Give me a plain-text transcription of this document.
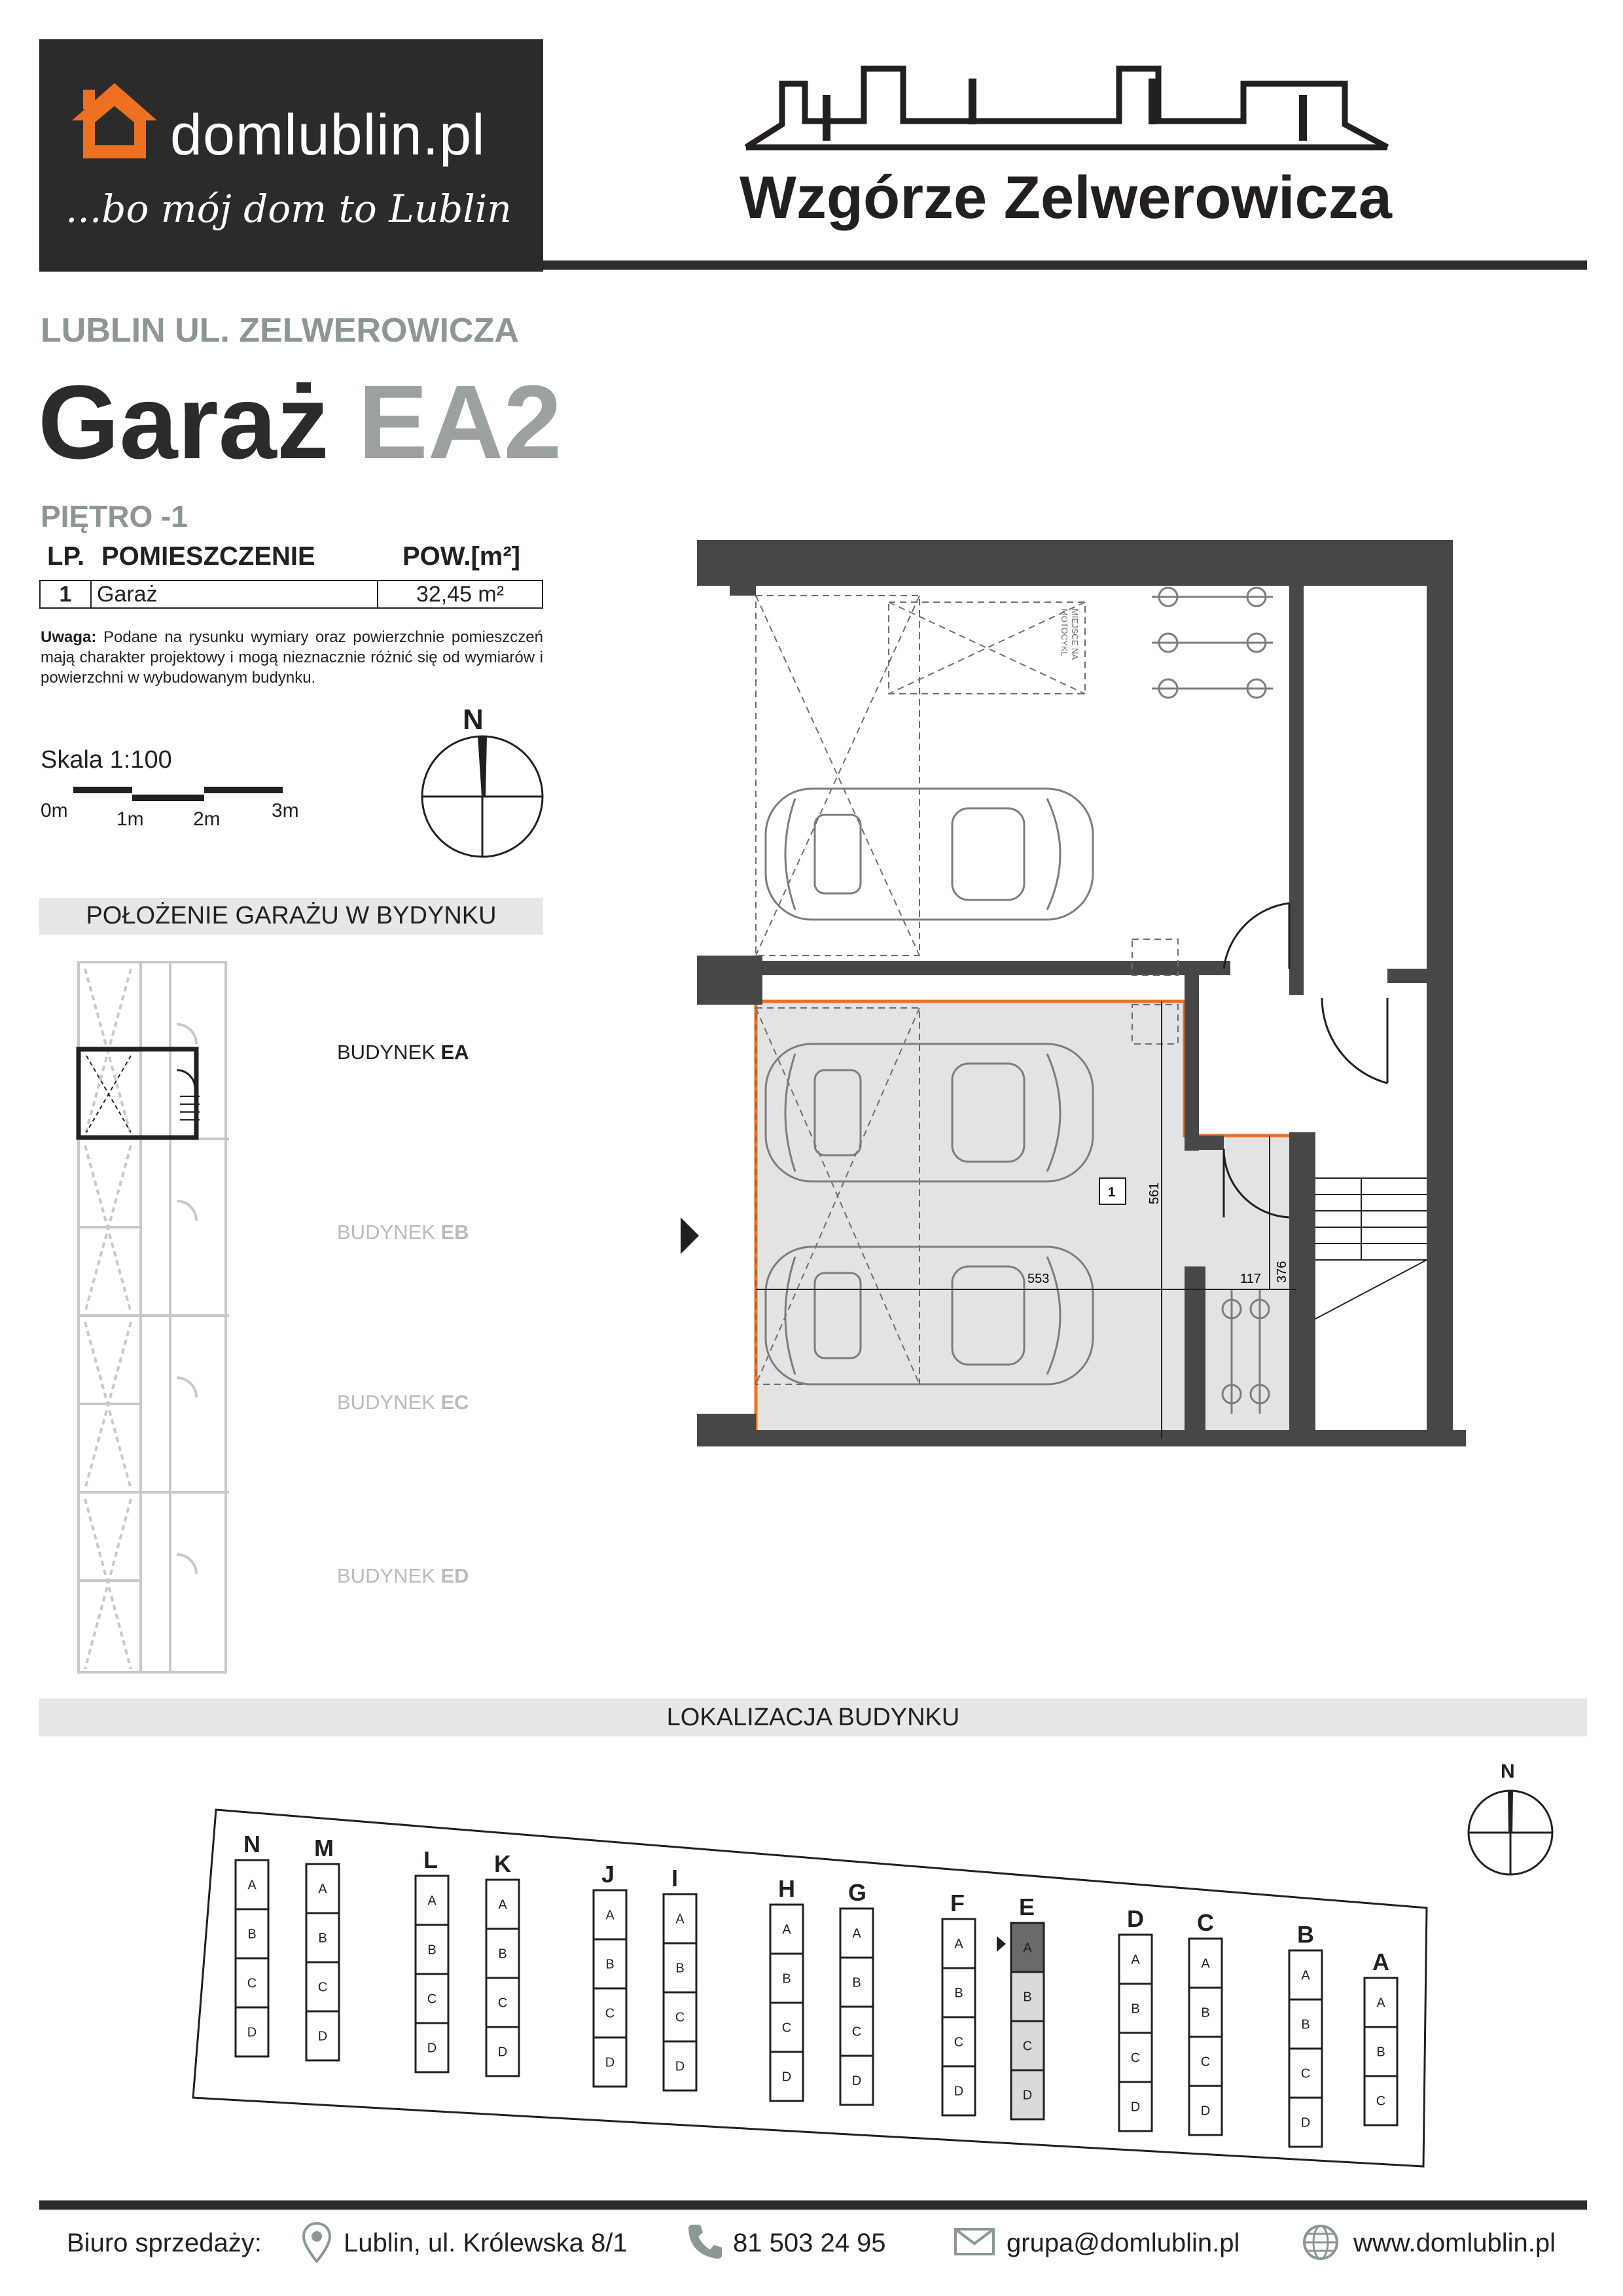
domlublin.pl
...bo mój dom to Lublin	Wzgórze Zelwerowicza
LUBLIN UL. ZELWEROWICZA
Garaż EA2
PIĘTRO -1
LP. POMIESZCZENIE	POW.[m²]
1	Garaż	32,45 m²
Uwaga: Podane na rysunku wymiary oraz powierzchnie pomieszczeń mają charakter projektowy i mogą nieznacznie różnić się od wymiarów i powierzchni w wybudowanym budynku.
Skala 1:100
0m 1m	2m	3m
N
POŁOŻENIE GARAŻU W BYDYNKU
BUDYNEK EA
BUDYNEK EB
BUDYNEK EC
BUDYNEK ED
MIEJSCE NA
MOTOCYKL
553
561
117 376
1
LOKALIZACJA BUDYNKU
N
N
A
B
C
D
M
A
B
C
D
L
A
B
C
D
K
A
B
C
D
J
A
B
C
D
I
A
B
C
D
H
A
B
C
D
G
A
B
C
D
F
A
B
C
D
E
A
B
C
D
D
A
B
C
D
C
A
B
C
D
B
A
B
C
D
A
A
B
C
Biuro sprzedaży:	Lublin, ul. Królewska 8/1	81 503 24 95	grupa@domlublin.pl	www.domlublin.pl
